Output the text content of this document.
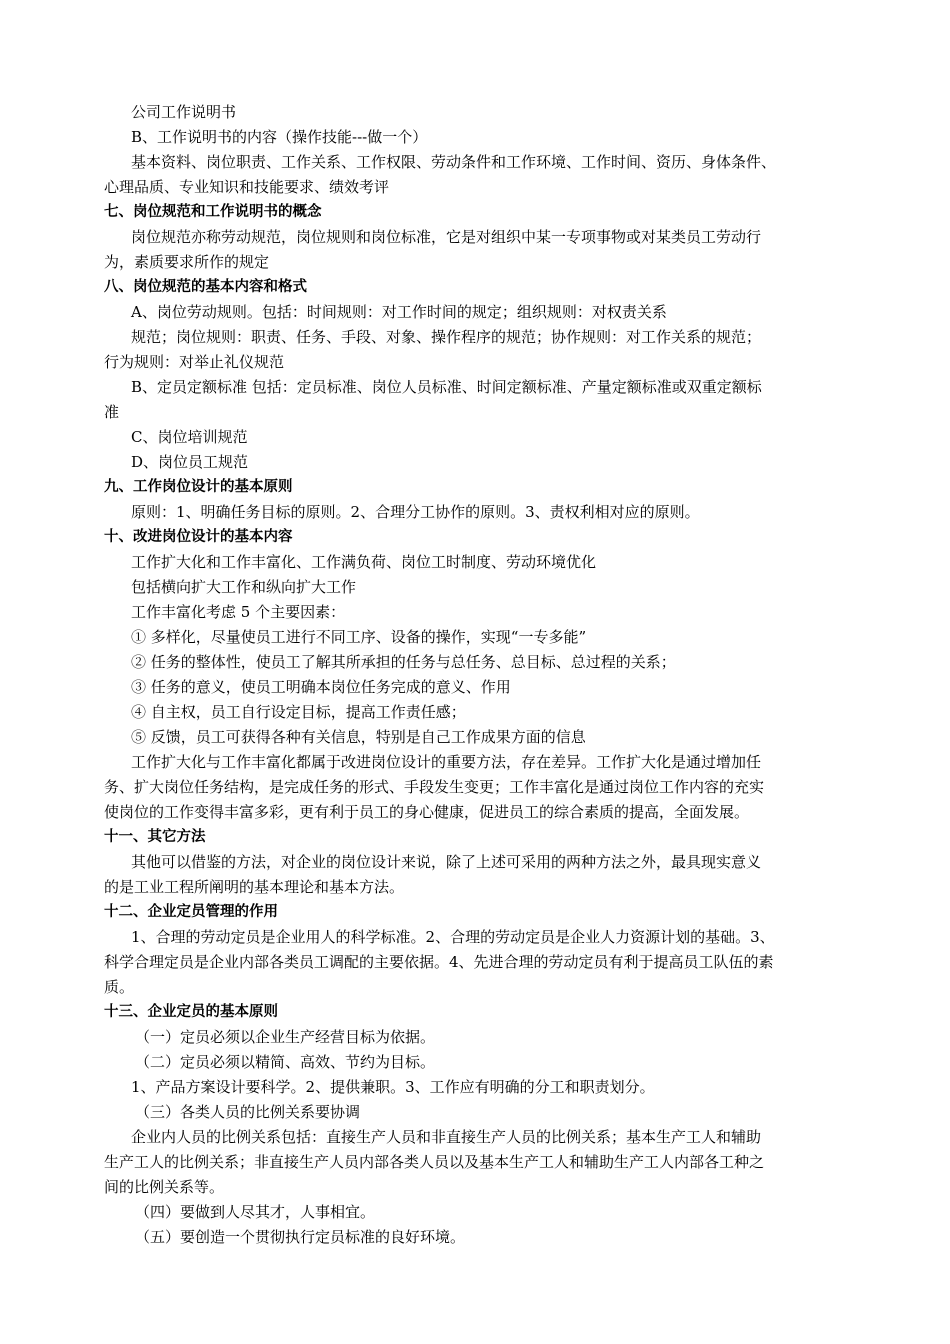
公司工作说明书
B、工作说明书的内容（操作技能---做一个）
基本资料、岗位职责、工作关系、工作权限、劳动条件和工作环境、工作时间、资历、身体条件、
心理品质、专业知识和技能要求、绩效考评
七、岗位规范和工作说明书的概念
岗位规范亦称劳动规范，岗位规则和岗位标准，它是对组织中某一专项事物或对某类员工劳动行
为，素质要求所作的规定
八、岗位规范的基本内容和格式
A、岗位劳动规则。包括：时间规则：对工作时间的规定；组织规则：对权责关系
规范；岗位规则：职责、任务、手段、对象、操作程序的规范；协作规则：对工作关系的规范；
行为规则：对举止礼仪规范
B、定员定额标准 包括：定员标准、岗位人员标准、时间定额标准、产量定额标准或双重定额标
准
C、岗位培训规范
D、岗位员工规范
九、工作岗位设计的基本原则
原则：1、明确任务目标的原则。2、合理分工协作的原则。3、责权利相对应的原则。
十、改进岗位设计的基本内容
工作扩大化和工作丰富化、工作满负荷、岗位工时制度、劳动环境优化
包括横向扩大工作和纵向扩大工作
工作丰富化考虑 5 个主要因素：
① 多样化，尽量使员工进行不同工序、设备的操作，实现“一专多能”
② 任务的整体性，使员工了解其所承担的任务与总任务、总目标、总过程的关系；
③ 任务的意义，使员工明确本岗位任务完成的意义、作用
④ 自主权，员工自行设定目标，提高工作责任感；
⑤ 反馈，员工可获得各种有关信息，特别是自己工作成果方面的信息
工作扩大化与工作丰富化都属于改进岗位设计的重要方法，存在差异。工作扩大化是通过增加任
务、扩大岗位任务结构，是完成任务的形式、手段发生变更；工作丰富化是通过岗位工作内容的充实
使岗位的工作变得丰富多彩，更有利于员工的身心健康，促进员工的综合素质的提高，全面发展。
十一、其它方法
其他可以借鉴的方法，对企业的岗位设计来说，除了上述可采用的两种方法之外，最具现实意义
的是工业工程所阐明的基本理论和基本方法。
十二、企业定员管理的作用
1、合理的劳动定员是企业用人的科学标准。2、合理的劳动定员是企业人力资源计划的基础。3、
科学合理定员是企业内部各类员工调配的主要依据。4、先进合理的劳动定员有利于提高员工队伍的素
质。
十三、企业定员的基本原则
（一）定员必须以企业生产经营目标为依据。
（二）定员必须以精简、高效、节约为目标。
1、产品方案设计要科学。2、提供兼职。3、工作应有明确的分工和职责划分。
（三）各类人员的比例关系要协调
企业内人员的比例关系包括：直接生产人员和非直接生产人员的比例关系；基本生产工人和辅助
生产工人的比例关系；非直接生产人员内部各类人员以及基本生产工人和辅助生产工人内部各工种之
间的比例关系等。
（四）要做到人尽其才，人事相宜。
（五）要创造一个贯彻执行定员标准的良好环境。
